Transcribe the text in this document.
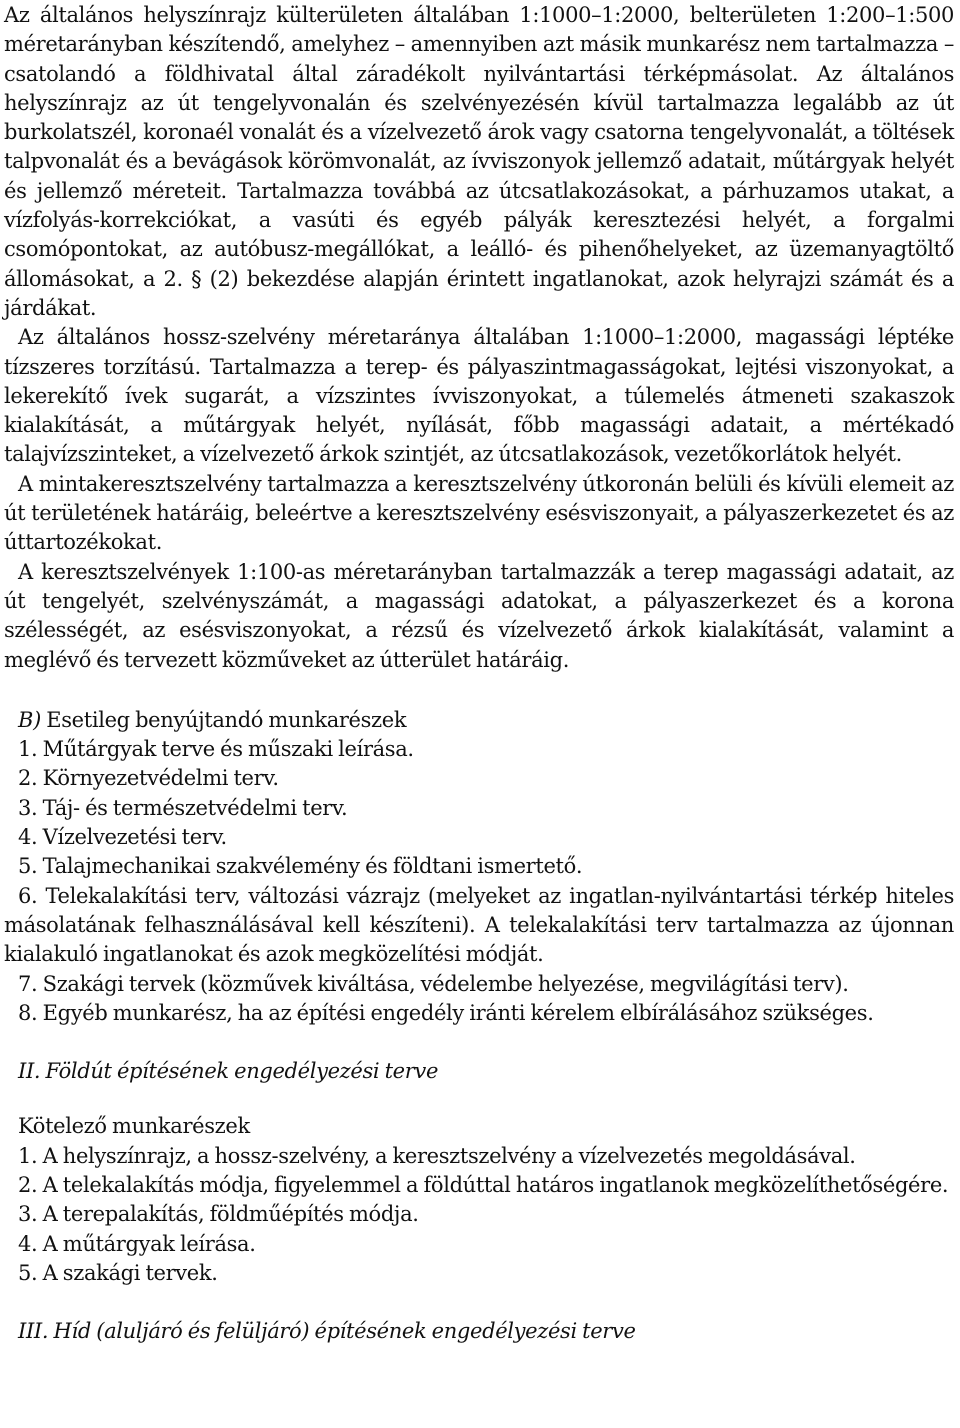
Az általános helyszínrajz külterületen általában 1:1000–1:2000, belterületen 1:200–1:500 méretarányban készítendő, amelyhez – amennyiben azt másik munkarész nem tartalmazza – csatolandó a földhivatal által záradékolt nyilvántartási térképmásolat. Az általános helyszínrajz az út tengelyvonalán és szelvényezésén kívül tartalmazza legalább az út burkolatszél, koronaél vonalát és a vízelvezető árok vagy csatorna tengelyvonalát, a töltések talpvonalát és a bevágások körömvonalát, az ívviszonyok jellemző adatait, műtárgyak helyét és jellemző méreteit. Tartalmazza továbbá az útcsatlakozásokat, a párhuzamos utakat, a vízfolyás-korrekciókat, a vasúti és egyéb pályák keresztezési helyét, a forgalmi csomópontokat, az autóbusz-megállókat, a leálló- és pihenőhelyeket, az üzemanyagtöltő állomásokat, a 2. § (2) bekezdése alapján érintett ingatlanokat, azok helyrajzi számát és a járdákat.

Az általános hossz-szelvény méretaránya általában 1:1000–1:2000, magassági léptéke tízszeres torzítású. Tartalmazza a terep- és pályaszintmagasságokat, lejtési viszonyokat, a lekerekítő ívek sugarát, a vízszintes ívviszonyokat, a túlemelés átmeneti szakaszok kialakítását, a műtárgyak helyét, nyílását, főbb magassági adatait, a mértékadó talajvízszinteket, a vízelvezető árkok szintjét, az útcsatlakozások, vezetőkorlátok helyét.

A mintakeresztszelvény tartalmazza a keresztszelvény útkoronán belüli és kívüli elemeit az út területének határáig, beleértve a keresztszelvény esésviszonyait, a pályaszerkezetet és az úttartozékokat.

A keresztszelvények 1:100-as méretarányban tartalmazzák a terep magassági adatait, az út tengelyét, szelvényszámát, a magassági adatokat, a pályaszerkezet és a korona szélességét, az esésviszonyokat, a rézsű és vízelvezető árkok kialakítását, valamint a meglévő és tervezett közműveket az útterület határáig.

B) Esetileg benyújtandó munkarészek

1. Műtárgyak terve és műszaki leírása.

2. Környezetvédelmi terv.

3. Táj- és természetvédelmi terv.

4. Vízelvezetési terv.

5. Talajmechanikai szakvélemény és földtani ismertető.

6. Telekalakítási terv, változási vázrajz (melyeket az ingatlan-nyilvántartási térkép hiteles másolatának felhasználásával kell készíteni). A telekalakítási terv tartalmazza az újonnan kialakuló ingatlanokat és azok megközelítési módját.

7. Szakági tervek (közművek kiváltása, védelembe helyezése, megvilágítási terv).

8. Egyéb munkarész, ha az építési engedély iránti kérelem elbírálásához szükséges.

II. Földút építésének engedélyezési terve

Kötelező munkarészek

1. A helyszínrajz, a hossz-szelvény, a keresztszelvény a vízelvezetés megoldásával.

2. A telekalakítás módja, figyelemmel a földúttal határos ingatlanok megközelíthetőségére.

3. A terepalakítás, földműépítés módja.

4. A műtárgyak leírása.

5. A szakági tervek.

III. Híd (aluljáró és felüljáró) építésének engedélyezési terve
